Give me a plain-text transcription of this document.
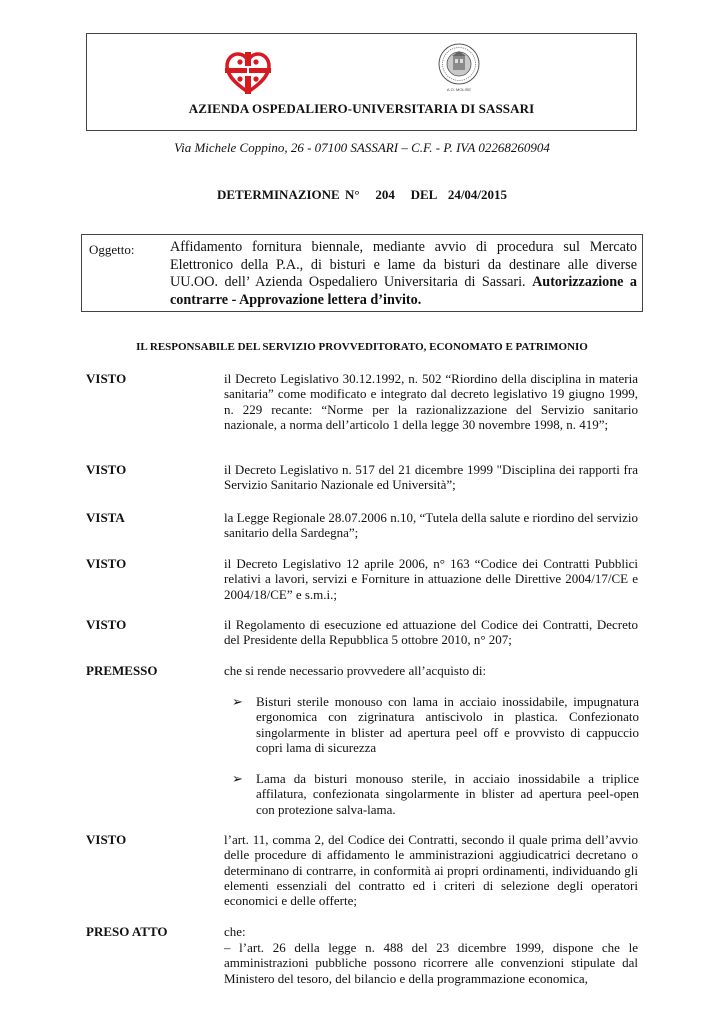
A.O. MOLISE
AZIENDA OSPEDALIERO-UNIVERSITARIA DI SASSARI
Via Michele Coppino, 26 - 07100 SASSARI – C.F. - P. IVA 02268260904
DETERMINAZIONE N° 204 DEL 24/04/2015
Oggetto:	Affidamento fornitura biennale, mediante avvio di procedura sul Mercato Elettronico della P.A., di bisturi e lame da bisturi da destinare alle diverse UU.OO. dell’ Azienda Ospedaliero Universitaria di Sassari. Autorizzazione a contrarre - Approvazione lettera d’invito.
IL RESPONSABILE DEL SERVIZIO PROVVEDITORATO, ECONOMATO E PATRIMONIO
VISTO	il Decreto Legislativo 30.12.1992, n. 502 “Riordino della disciplina in materia sanitaria” come modificato e integrato dal decreto legislativo 19 giugno 1999, n. 229 recante: “Norme per la razionalizzazione del Servizio sanitario nazionale, a norma dell’articolo 1 della legge 30 novembre 1998, n. 419”;
VISTO	il Decreto Legislativo n. 517 del 21 dicembre 1999 "Disciplina dei rapporti fra Servizio Sanitario Nazionale ed Università”;
VISTA	la Legge Regionale 28.07.2006 n.10, “Tutela della salute e riordino del servizio sanitario della Sardegna”;
VISTO	il Decreto Legislativo 12 aprile 2006, n° 163 “Codice dei Contratti Pubblici relativi a lavori, servizi e Forniture in attuazione delle Direttive 2004/17/CE e 2004/18/CE” e s.m.i.;
VISTO	il Regolamento di esecuzione ed attuazione del Codice dei Contratti, Decreto del Presidente della Repubblica 5 ottobre 2010, n° 207;
PREMESSO	che si rende necessario provvedere all’acquisto di:
➢ Bisturi sterile monouso con lama in acciaio inossidabile, impugnatura ergonomica con zigrinatura antiscivolo in plastica. Confezionato singolarmente in blister ad apertura peel off e provvisto di cappuccio copri lama di sicurezza
➢ Lama da bisturi monouso sterile, in acciaio inossidabile a triplice affilatura, confezionata singolarmente in blister ad apertura peel-open con protezione salva-lama.
VISTO	l’art. 11, comma 2, del Codice dei Contratti, secondo il quale prima dell’avvio delle procedure di affidamento le amministrazioni aggiudicatrici decretano o determinano di contrarre, in conformità ai propri ordinamenti, individuando gli elementi essenziali del contratto ed i criteri di selezione degli operatori economici e delle offerte;
PRESO ATTO	che:
– l’art. 26 della legge n. 488 del 23 dicembre 1999, dispone che le amministrazioni pubbliche possono ricorrere alle convenzioni stipulate dal Ministero del tesoro, del bilancio e della programmazione economica,
